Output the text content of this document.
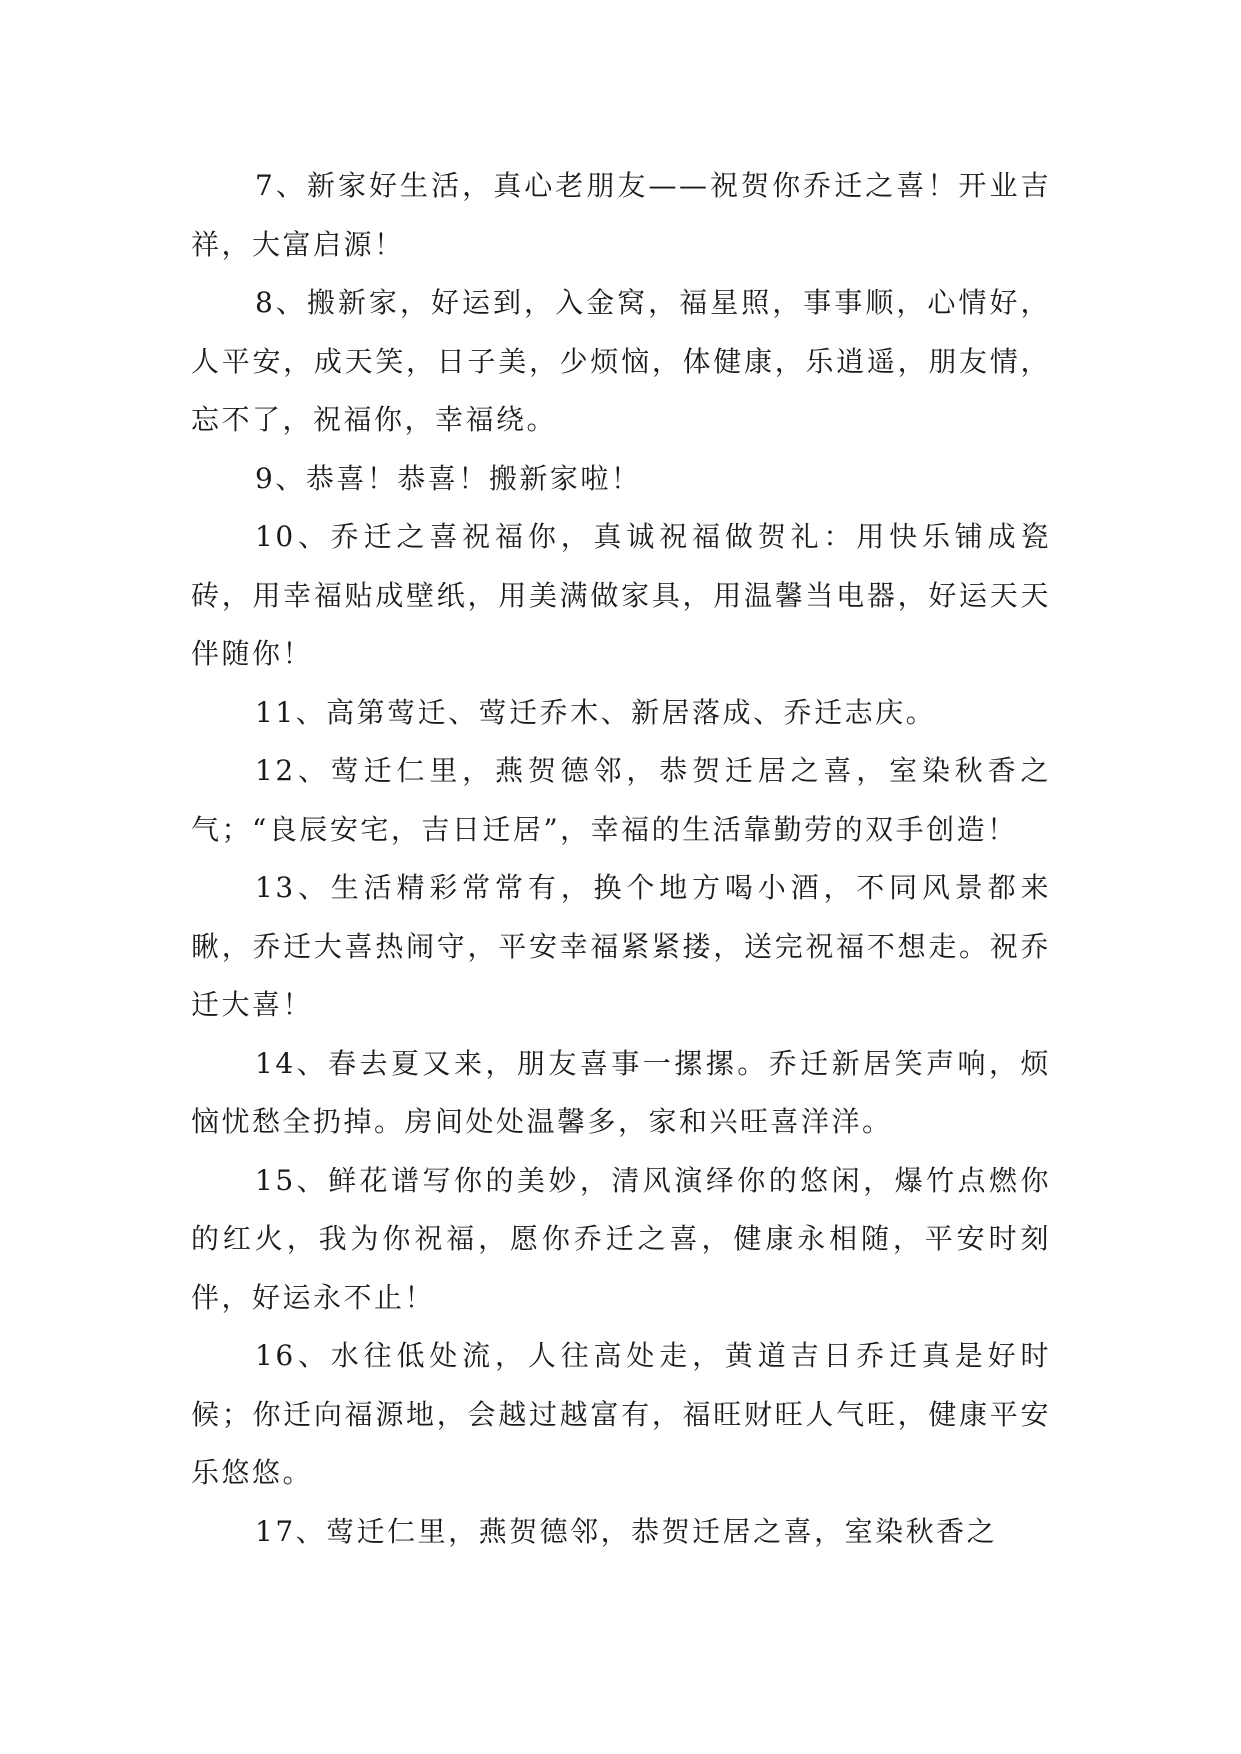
7、新家好生活，真心老朋友——祝贺你乔迁之喜！开业吉祥，大富启源！

8、搬新家，好运到，入金窝，福星照，事事顺，心情好，人平安，成天笑，日子美，少烦恼，体健康，乐逍遥，朋友情，忘不了，祝福你，幸福绕。

9、恭喜！恭喜！搬新家啦！

10、乔迁之喜祝福你，真诚祝福做贺礼：用快乐铺成瓷砖，用幸福贴成壁纸，用美满做家具，用温馨当电器，好运天天伴随你！

11、高第莺迁、莺迁乔木、新居落成、乔迁志庆。

12、莺迁仁里，燕贺德邻，恭贺迁居之喜，室染秋香之气；“良辰安宅，吉日迁居”，幸福的生活靠勤劳的双手创造！

13、生活精彩常常有，换个地方喝小酒，不同风景都来瞅，乔迁大喜热闹守，平安幸福紧紧搂，送完祝福不想走。祝乔迁大喜！

14、春去夏又来，朋友喜事一摞摞。乔迁新居笑声响，烦恼忧愁全扔掉。房间处处温馨多，家和兴旺喜洋洋。

15、鲜花谱写你的美妙，清风演绎你的悠闲，爆竹点燃你的红火，我为你祝福，愿你乔迁之喜，健康永相随，平安时刻伴，好运永不止！

16、水往低处流，人往高处走，黄道吉日乔迁真是好时候；你迁向福源地，会越过越富有，福旺财旺人气旺，健康平安乐悠悠。

17、莺迁仁里，燕贺德邻，恭贺迁居之喜，室染秋香之
